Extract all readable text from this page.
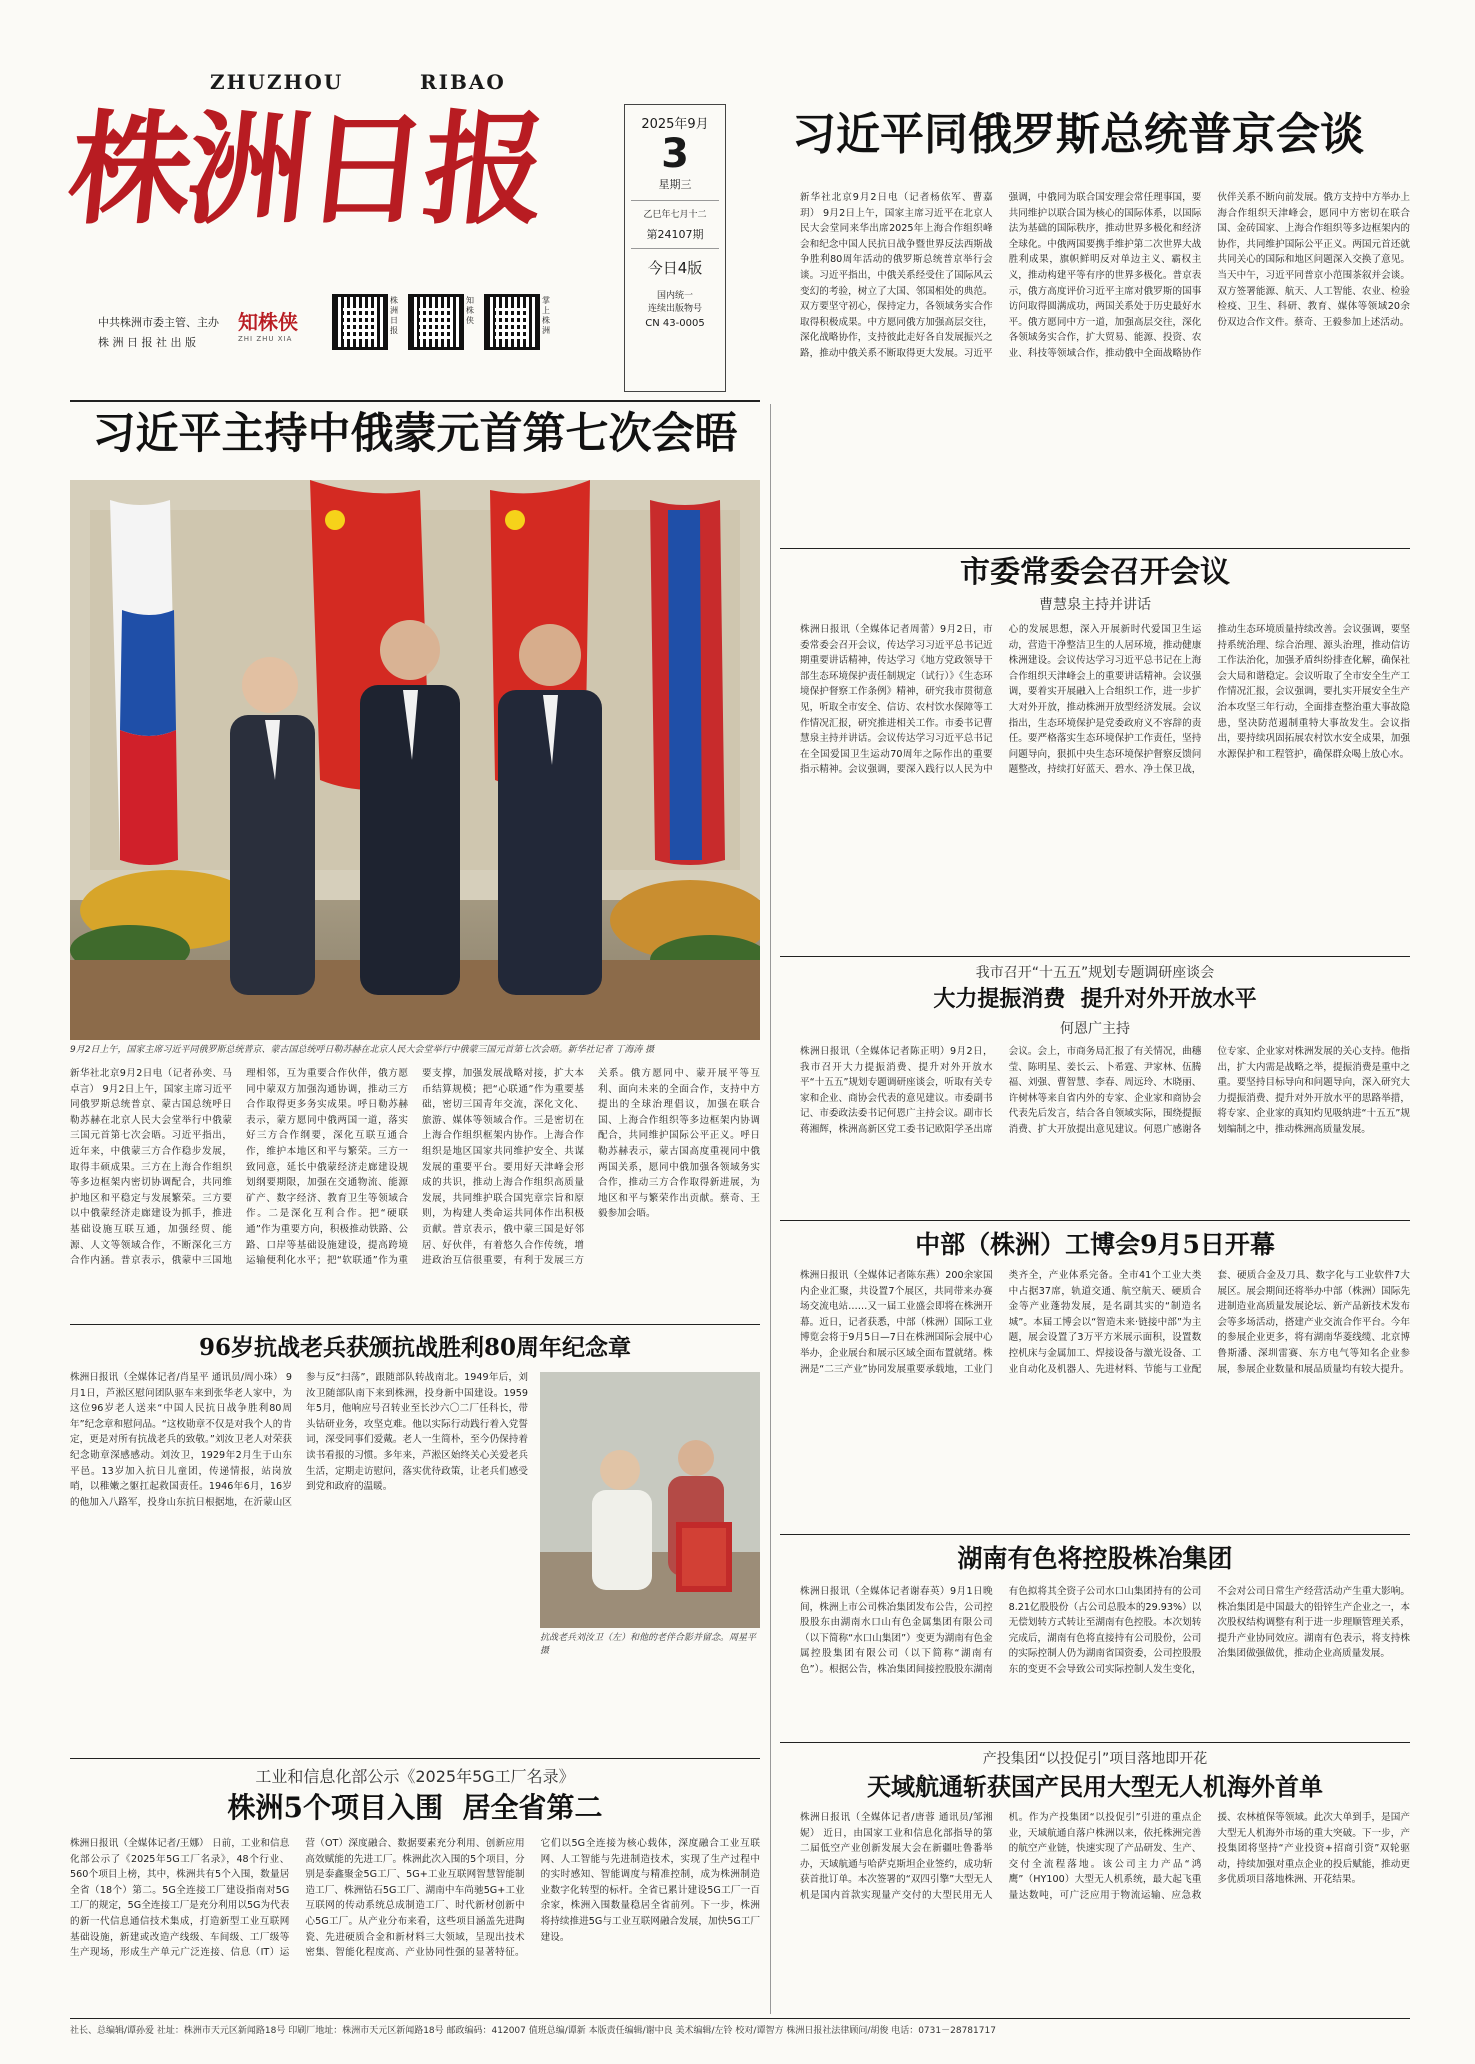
ZHUZHOU	RIBAO
株洲日报
中共株洲市委主管、主办
株 洲 日 报 社 出 版
知株侠
ZHI ZHU XIA
株洲日报
知株侠
掌上株洲
2025年9月
3
星期三
乙巳年七月十二
第24107期
今日4版
国内统一
连续出版物号
CN 43-0005
习近平同俄罗斯总统普京会谈
新华社北京9月2日电（记者杨依军、曹嘉玥） 9月2日上午，国家主席习近平在北京人民大会堂同来华出席2025年上海合作组织峰会和纪念中国人民抗日战争暨世界反法西斯战争胜利80周年活动的俄罗斯总统普京举行会谈。习近平指出，中俄关系经受住了国际风云变幻的考验，树立了大国、邻国相处的典范。双方要坚守初心，保持定力，各领域务实合作取得积极成果。中方愿同俄方加强高层交往，深化战略协作，支持彼此走好各自发展振兴之路，推动中俄关系不断取得更大发展。习近平强调，中俄同为联合国安理会常任理事国，要共同维护以联合国为核心的国际体系，以国际法为基础的国际秩序，推动世界多极化和经济全球化。中俄两国要携手维护第二次世界大战胜利成果，旗帜鲜明反对单边主义、霸权主义，推动构建平等有序的世界多极化。普京表示，俄方高度评价习近平主席对俄罗斯的国事访问取得圆满成功，两国关系处于历史最好水平。俄方愿同中方一道，加强高层交往，深化各领域务实合作，扩大贸易、能源、投资、农业、科技等领域合作，推动俄中全面战略协作伙伴关系不断向前发展。俄方支持中方举办上海合作组织天津峰会，愿同中方密切在联合国、金砖国家、上海合作组织等多边框架内的协作，共同维护国际公平正义。两国元首还就共同关心的国际和地区问题深入交换了意见。当天中午，习近平同普京小范围茶叙并会谈。双方签署能源、航天、人工智能、农业、检验检疫、卫生、科研、教育、媒体等领域20余份双边合作文件。蔡奇、王毅参加上述活动。
习近平主持中俄蒙元首第七次会晤
9月2日上午，国家主席习近平同俄罗斯总统普京、蒙古国总统呼日勒苏赫在北京人民大会堂举行中俄蒙三国元首第七次会晤。新华社记者 丁海涛 摄
新华社北京9月2日电（记者孙奕、马卓言） 9月2日上午，国家主席习近平同俄罗斯总统普京、蒙古国总统呼日勒苏赫在北京人民大会堂举行中俄蒙三国元首第七次会晤。习近平指出，近年来，中俄蒙三方合作稳步发展，取得丰硕成果。三方在上海合作组织等多边框架内密切协调配合，共同维护地区和平稳定与发展繁荣。三方要以中俄蒙经济走廊建设为抓手，推进基础设施互联互通，加强经贸、能源、人文等领域合作，不断深化三方合作内涵。普京表示，俄蒙中三国地理相邻，互为重要合作伙伴，俄方愿同中蒙双方加强沟通协调，推动三方合作取得更多务实成果。呼日勒苏赫表示，蒙方愿同中俄两国一道，落实好三方合作纲要，深化互联互通合作，维护本地区和平与繁荣。三方一致同意，延长中俄蒙经济走廊建设规划纲要期限，加强在交通物流、能源矿产、数字经济、教育卫生等领域合作。二是深化互利合作。把“硬联通”作为重要方向，积极推动铁路、公路、口岸等基础设施建设，提高跨境运输便利化水平；把“软联通”作为重要支撑，加强发展战略对接，扩大本币结算规模；把“心联通”作为重要基础，密切三国青年交流，深化文化、旅游、媒体等领域合作。三是密切在上海合作组织框架内协作。上海合作组织是地区国家共同维护安全、共谋发展的重要平台。要用好天津峰会形成的共识，推动上海合作组织高质量发展，共同维护联合国宪章宗旨和原则，为构建人类命运共同体作出积极贡献。普京表示，俄中蒙三国是好邻居、好伙伴，有着悠久合作传统，增进政治互信很重要，有利于发展三方关系。俄方愿同中、蒙开展平等互利、面向未来的全面合作，支持中方提出的全球治理倡议，加强在联合国、上海合作组织等多边框架内协调配合，共同维护国际公平正义。呼日勒苏赫表示，蒙古国高度重视同中俄两国关系，愿同中俄加强各领域务实合作，推动三方合作取得新进展，为地区和平与繁荣作出贡献。蔡奇、王毅参加会晤。
市委常委会召开会议
曹慧泉主持并讲话
株洲日报讯（全媒体记者周蕾）9月2日，市委常委会召开会议，传达学习习近平总书记近期重要讲话精神，传达学习《地方党政领导干部生态环境保护责任制规定（试行）》《生态环境保护督察工作条例》精神，研究我市贯彻意见，听取全市安全、信访、农村饮水保障等工作情况汇报，研究推进相关工作。市委书记曹慧泉主持并讲话。会议传达学习习近平总书记在全国爱国卫生运动70周年之际作出的重要指示精神。会议强调，要深入践行以人民为中心的发展思想，深入开展新时代爱国卫生运动，营造干净整洁卫生的人居环境，推动健康株洲建设。会议传达学习习近平总书记在上海合作组织天津峰会上的重要讲话精神。会议强调，要着实开展融入上合组织工作，进一步扩大对外开放，推动株洲开放型经济发展。会议指出，生态环境保护是党委政府义不容辞的责任。要严格落实生态环境保护工作责任，坚持问题导向，狠抓中央生态环境保护督察反馈问题整改，持续打好蓝天、碧水、净土保卫战，推动生态环境质量持续改善。会议强调，要坚持系统治理、综合治理、源头治理，推动信访工作法治化，加强矛盾纠纷排查化解，确保社会大局和谐稳定。会议听取了全市安全生产工作情况汇报，会议强调，要扎实开展安全生产治本攻坚三年行动，全面排查整治重大事故隐患，坚决防范遏制重特大事故发生。会议指出，要持续巩固拓展农村饮水安全成果，加强水源保护和工程管护，确保群众喝上放心水。
我市召开“十五五”规划专题调研座谈会
大力提振消费  提升对外开放水平
何恩广主持
株洲日报讯（全媒体记者陈正明）9月2日，我市召开大力提振消费、提升对外开放水平“十五五”规划专题调研座谈会，听取有关专家和企业、商协会代表的意见建议。市委副书记、市委政法委书记何恩广主持会议。副市长蒋湘辉，株洲高新区党工委书记欧阳学圣出席会议。会上，市商务局汇报了有关情况，曲穗莹、陈明星、姜长云、卜希霆、尹家林、伍腾福、刘强、曹智慧、李春、周远玲、木晓丽、许树林等来自省内外的专家、企业家和商协会代表先后发言，结合各自领域实际，围绕提振消费、扩大开放提出意见建议。何恩广感谢各位专家、企业家对株洲发展的关心支持。他指出，扩大内需是战略之举，提振消费是重中之重。要坚持目标导向和问题导向，深入研究大力提振消费、提升对外开放水平的思路举措，将专家、企业家的真知灼见吸纳进“十五五”规划编制之中，推动株洲高质量发展。
中部（株洲）工博会9月5日开幕
株洲日报讯（全媒体记者陈东燕）200余家国内企业汇聚，共设置7个展区，共同带来办赛场交流电站……又一届工业盛会即将在株洲开幕。近日，记者获悉，中部（株洲）国际工业博览会将于9月5日—7日在株洲国际会展中心举办，企业展台和展示区域全面布置就绪。株洲是“二三产业”协同发展重要承载地，工业门类齐全，产业体系完备。全市41个工业大类中占据37席，轨道交通、航空航天、硬质合金等产业蓬勃发展，是名副其实的“制造名城”。本届工博会以“智造未来·链接中部”为主题，展会设置了3万平方米展示面积，设置数控机床与金属加工、焊接设备与激光设备、工业自动化及机器人、先进材料、节能与工业配套、硬质合金及刀具、数字化与工业软件7大展区。展会期间还将举办中部（株洲）国际先进制造业高质量发展论坛、新产品新技术发布会等多场活动，搭建产业交流合作平台。今年的参展企业更多，将有湖南华菱线缆、北京博鲁斯潘、深圳雷赛、东方电气等知名企业参展，参展企业数量和展品质量均有较大提升。
96岁抗战老兵获颁抗战胜利80周年纪念章
株洲日报讯（全媒体记者/肖星平 通讯员/周小珠） 9月1日，芦淞区慰问团队驱车来到张华老人家中，为这位96岁老人送来“中国人民抗日战争胜利80周年”纪念章和慰问品。“这枚勋章不仅是对我个人的肯定，更是对所有抗战老兵的致敬。”刘汝卫老人对荣获纪念勋章深感感动。刘汝卫，1929年2月生于山东平邑。13岁加入抗日儿童团，传递情报，站岗放哨，以稚嫩之躯扛起救国责任。1946年6月，16岁的他加入八路军，投身山东抗日根据地，在沂蒙山区参与反“扫荡”，跟随部队转战南北。1949年后，刘汝卫随部队南下来到株洲，投身新中国建设。1959年5月，他响应号召转业至长沙六〇二厂任科长，带头钻研业务，攻坚克难。他以实际行动践行着入党誓词，深受同事们爱戴。老人一生简朴，至今仍保持着读书看报的习惯。多年来，芦淞区始终关心关爱老兵生活，定期走访慰问，落实优待政策，让老兵们感受到党和政府的温暖。
抗战老兵刘汝卫（左）和他的老伴合影并留念。周星平 摄
湖南有色将控股株冶集团
株洲日报讯（全媒体记者谢春英）9月1日晚间，株洲上市公司株冶集团发布公告，公司控股股东由湖南水口山有色金属集团有限公司（以下简称“水口山集团”）变更为湖南有色金属控股集团有限公司（以下简称“湖南有色”）。根据公告，株冶集团间接控股股东湖南有色拟将其全资子公司水口山集团持有的公司8.21亿股股份（占公司总股本的29.93%）以无偿划转方式转让至湖南有色控股。本次划转完成后，湖南有色将直接持有公司股份，公司的实际控制人仍为湖南省国资委，公司控股股东的变更不会导致公司实际控制人发生变化，不会对公司日常生产经营活动产生重大影响。株冶集团是中国最大的铅锌生产企业之一，本次股权结构调整有利于进一步理顺管理关系，提升产业协同效应。湖南有色表示，将支持株冶集团做强做优，推动企业高质量发展。
工业和信息化部公示《2025年5G工厂名录》
株洲5个项目入围  居全省第二
株洲日报讯（全媒体记者/王娜） 日前，工业和信息化部公示了《2025年5G工厂名录》，48个行业、560个项目上榜，其中，株洲共有5个入围，数量居全省（18个）第二。5G全连接工厂建设指南对5G工厂的规定，5G全连接工厂是充分利用以5G为代表的新一代信息通信技术集成，打造新型工业互联网基础设施，新建或改造产线级、车间级、工厂级等生产现场，形成生产单元广泛连接、信息（IT）运营（OT）深度融合、数据要素充分利用、创新应用高效赋能的先进工厂。株洲此次入围的5个项目，分别是泰鑫聚金5G工厂、5G+工业互联网智慧智能制造工厂、株洲钻石5G工厂、湖南中车尚驰5G+工业互联网的传动系统总成制造工厂、时代新材创新中心5G工厂。从产业分布来看，这些项目涵盖先进陶瓷、先进硬质合金和新材料三大领域，呈现出技术密集、智能化程度高、产业协同性强的显著特征。它们以5G全连接为核心载体，深度融合工业互联网、人工智能与先进制造技术，实现了生产过程中的实时感知、智能调度与精准控制，成为株洲制造业数字化转型的标杆。全省已累计建设5G工厂一百余家，株洲入围数量稳居全省前列。下一步，株洲将持续推进5G与工业互联网融合发展，加快5G工厂建设。
产投集团“以投促引”项目落地即开花
天域航通斩获国产民用大型无人机海外首单
株洲日报讯（全媒体记者/唐蓉 通讯员/邹湘妮） 近日，由国家工业和信息化部指导的第二届低空产业创新发展大会在新疆吐鲁番举办，天域航通与哈萨克斯坦企业签约，成功斩获首批订单。本次签署的“双四引擎”大型无人机是国内首款实现量产交付的大型民用无人机。作为产投集团“以投促引”引进的重点企业，天域航通自落户株洲以来，依托株洲完善的航空产业链，快速实现了产品研发、生产、交付全流程落地。该公司主力产品“鸿鹰”（HY100）大型无人机系统，最大起飞重量达数吨，可广泛应用于物流运输、应急救援、农林植保等领域。此次大单到手，是国产大型无人机海外市场的重大突破。下一步，产投集团将坚持“产业投资+招商引资”双轮驱动，持续加强对重点企业的投后赋能，推动更多优质项目落地株洲、开花结果。
社长、总编辑/谭孙爱 社址：株洲市天元区新闻路18号 印刷厂地址：株洲市天元区新闻路18号 邮政编码：412007 值班总编/谭新 本版责任编辑/谢中良 美术编辑/左铃 校对/谭智方 株洲日报社法律顾问/胡俊 电话：0731－28781717
